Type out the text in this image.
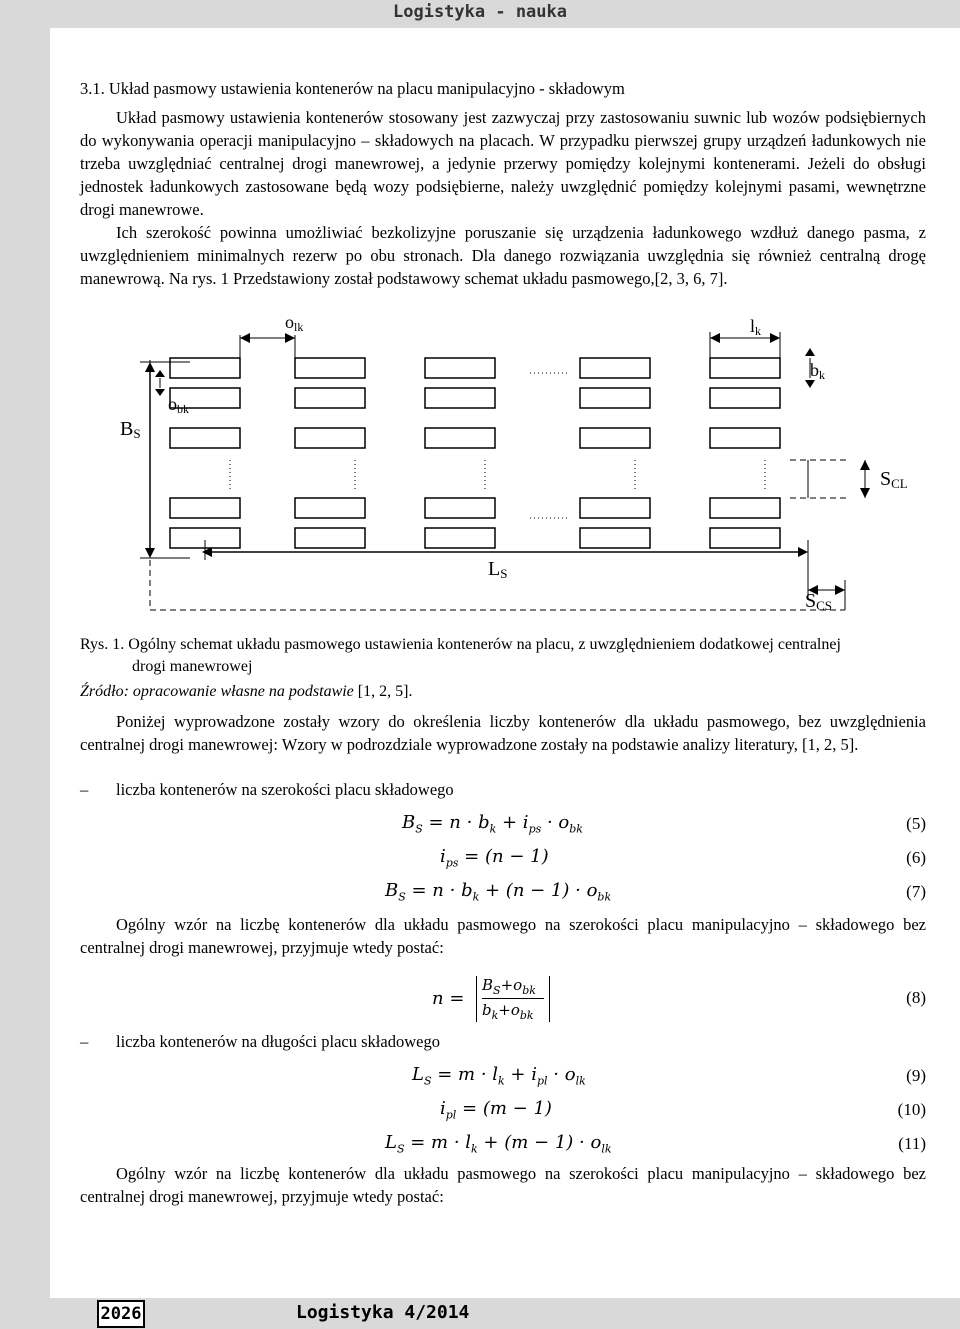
Logistyka - nauka
3.1. Układ pasmowy ustawienia kontenerów na placu manipulacyjno - składowym
Układ pasmowy ustawienia kontenerów stosowany jest zazwyczaj przy zastosowaniu suwnic lub wozów podsiębiernych do wykonywania operacji manipulacyjno – składowych na placach. W przypadku pierwszej grupy urządzeń ładunkowych nie trzeba uwzględniać centralnej drogi manewrowej, a jedynie przerwy pomiędzy kolejnymi kontenerami. Jeżeli do obsługi jednostek ładunkowych zastosowane będą wozy podsiębierne, należy uwzględnić pomiędzy kolejnymi pasami, wewnętrzne drogi manewrowe.
Ich szerokość powinna umożliwiać bezkolizyjne poruszanie się urządzenia ładunkowego wzdłuż danego pasma, z uwzględnieniem minimalnych rezerw po obu stronach. Dla danego rozwiązania uwzględnia się również centralną drogę manewrową. Na rys. 1 Przedstawiony został podstawowy schemat układu pasmowego,[2, 3, 6, 7].
olk	lk
bk
obk
BS
SCL
LS
SCS
Rys. 1. Ogólny schemat układu pasmowego ustawienia kontenerów na placu, z uwzględnieniem dodatkowej centralnej
drogi manewrowej
Źródło: opracowanie własne na podstawie [1, 2, 5].
Poniżej wyprowadzone zostały wzory do określenia liczby kontenerów dla układu pasmowego, bez uwzględnienia centralnej drogi manewrowej: Wzory w podrozdziale wyprowadzone zostały na podstawie analizy literatury, [1, 2, 5].
– liczba kontenerów na szerokości placu składowego
$B_S = n \cdot b_k + i_{ps} \cdot o_{bk}$	(5)
$i_{ps} = (n - 1)$	(6)
$B_S = n \cdot b_k + (n - 1) \cdot o_{bk}$	(7)
Ogólny wzór na liczbę kontenerów dla układu pasmowego na szerokości placu manipulacyjno – składowego bez centralnej drogi manewrowej, przyjmuje wtedy postać:
n =
$B_S+o_{bk}$
$b_k+o_{bk}$
(8)
– liczba kontenerów na długości placu składowego
$L_S = m \cdot l_k + i_{pl} \cdot o_{lk}$	(9)
$i_{pl} = (m - 1)$	(10)
$L_S = m \cdot l_k + (m - 1) \cdot o_{lk}$	(11)
Ogólny wzór na liczbę kontenerów dla układu pasmowego na szerokości placu manipulacyjno – składowego bez centralnej drogi manewrowej, przyjmuje wtedy postać:
2026	Logistyka 4/2014
